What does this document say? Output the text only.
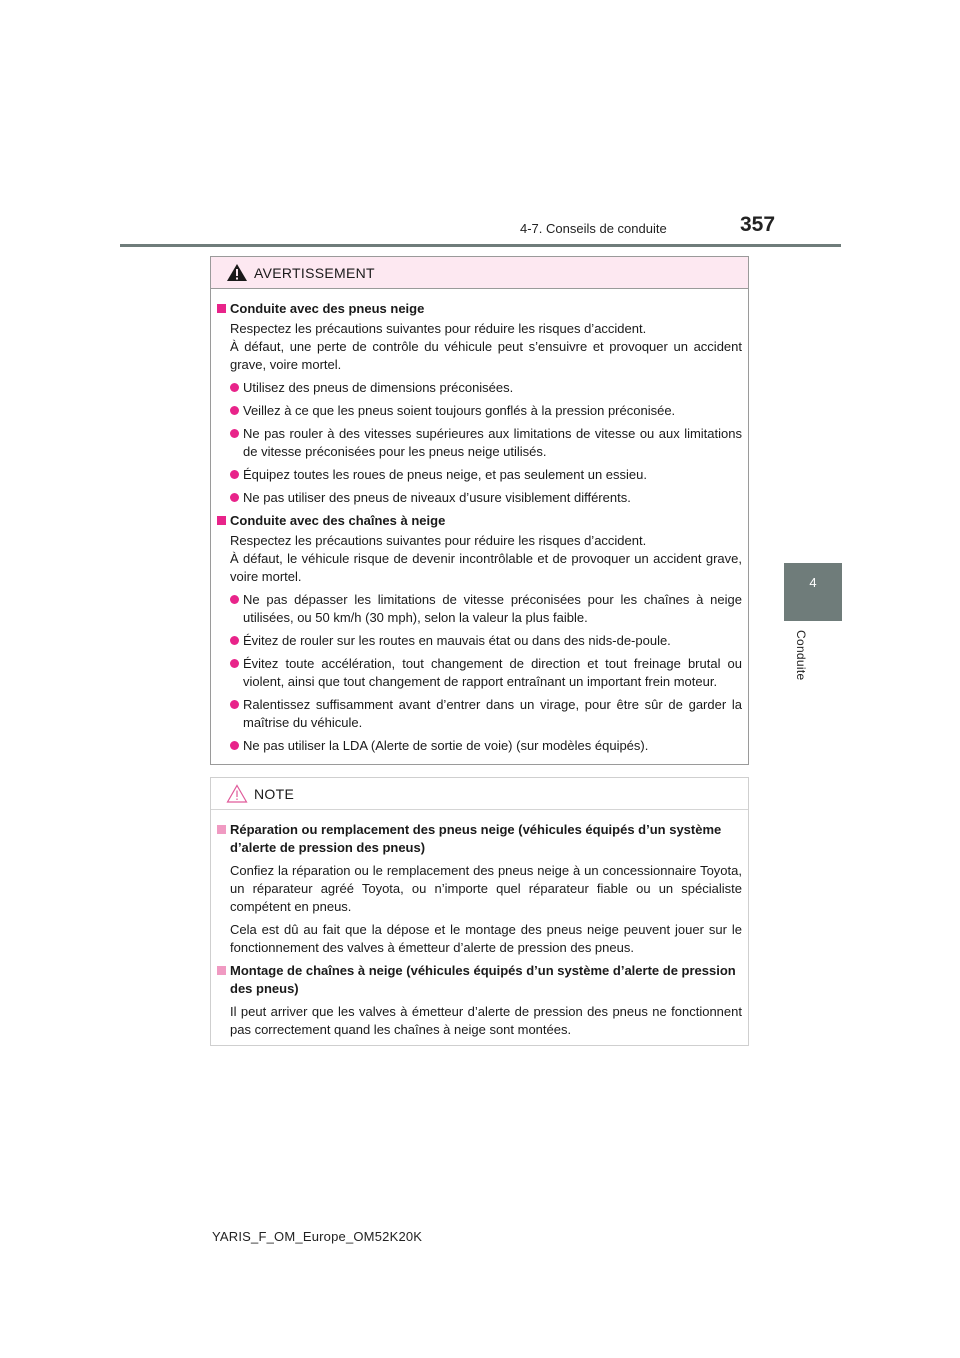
4-7. Conseils de conduite	357
4
Conduite
AVERTISSEMENT
Conduite avec des pneus neige
Respectez les précautions suivantes pour réduire les risques d’accident.
À défaut, une perte de contrôle du véhicule peut s’ensuivre et provoquer un accident grave, voire mortel.
Utilisez des pneus de dimensions préconisées.
Veillez à ce que les pneus soient toujours gonflés à la pression préconisée.
Ne pas rouler à des vitesses supérieures aux limitations de vitesse ou aux limitations de vitesse préconisées pour les pneus neige utilisés.
Équipez toutes les roues de pneus neige, et pas seulement un essieu.
Ne pas utiliser des pneus de niveaux d’usure visiblement différents.
Conduite avec des chaînes à neige
Respectez les précautions suivantes pour réduire les risques d’accident.
À défaut, le véhicule risque de devenir incontrôlable et de provoquer un accident grave, voire mortel.
Ne pas dépasser les limitations de vitesse préconisées pour les chaînes à neige utilisées, ou 50 km/h (30 mph), selon la valeur la plus faible.
Évitez de rouler sur les routes en mauvais état ou dans des nids-de-poule.
Évitez toute accélération, tout changement de direction et tout freinage brutal ou violent, ainsi que tout changement de rapport entraînant un important frein moteur.
Ralentissez suffisamment avant d’entrer dans un virage, pour être sûr de garder la maîtrise du véhicule.
Ne pas utiliser la LDA (Alerte de sortie de voie) (sur modèles équipés).
NOTE
Réparation ou remplacement des pneus neige (véhicules équipés d’un système d’alerte de pression des pneus)
Confiez la réparation ou le remplacement des pneus neige à un concessionnaire Toyota, un réparateur agréé Toyota, ou n’importe quel réparateur fiable ou un spécialiste compétent en pneus.
Cela est dû au fait que la dépose et le montage des pneus neige peuvent jouer sur le fonctionnement des valves à émetteur d’alerte de pression des pneus.
Montage de chaînes à neige (véhicules équipés d’un système d’alerte de pression des pneus)
Il peut arriver que les valves à émetteur d’alerte de pression des pneus ne fonctionnent pas correctement quand les chaînes à neige sont montées.
YARIS_F_OM_Europe_OM52K20K
